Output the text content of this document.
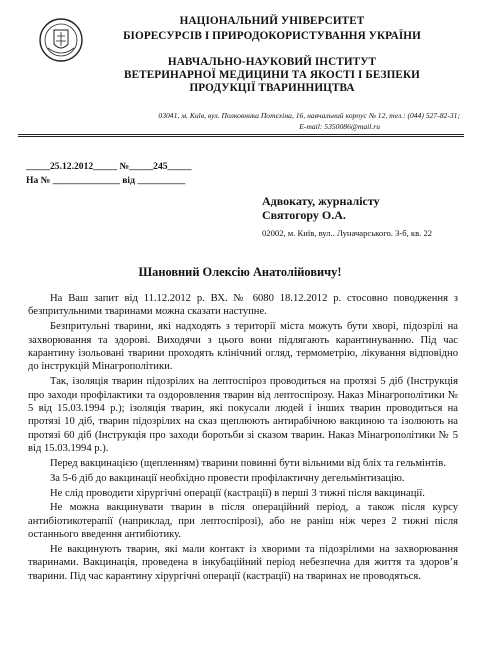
НАЦІОНАЛЬНИЙ УНІВЕРСИТЕТ
БІОРЕСУРСІВ І ПРИРОДОКОРИСТУВАННЯ УКРАЇНИ
НАВЧАЛЬНО-НАУКОВИЙ ІНСТИТУТ
ВЕТЕРИНАРНОЇ МЕДИЦИНИ ТА ЯКОСТІ І БЕЗПЕКИ
ПРОДУКЦІЇ ТВАРИННИЦТВА
03041, м. Київ, вул. Полковника Потєхіна, 16, навчальний корпус № 12, тел.: (044) 527-82-31;
E-mail: 5350086@mail.ru
_____25.12.2012_____ №_____245_____
На № ______________ від __________
Адвокату, журналісту
Святогору О.А.
02002, м. Київ, вул.. Луначарського. 3-б, кв. 22
Шановний Олексію Анатолійовичу!

На Ваш запит від 11.12.2012 р. ВХ. № 6080 18.12.2012 р. стосовно поводження з безпритульними тваринами можна сказати наступне.

Безпритульні тварини, які надходять з території міста можуть бути хворі, підозрілі на захворювання та здорові. Виходячи з цього вони підлягають карантинуванню. Під час карантину ізольовані тварини проходять клінічний огляд, термометрію, лікування відповідно до інструкцій Мінагрополітики.

Так, ізоляція тварин підозрілих на лептоспіроз проводиться на протязі 5 діб (Інструкція про заходи профілактики та оздоровлення тварин від лептоспірозу. Наказ Мінагрополітики № 5 від 15.03.1994 р.); ізоляція тварин, які покусали людей і інших тварин проводиться на протязі 10 діб, тварин підозрілих на сказ щеплюють антирабічною вакциною та ізолюють на протязі 60 діб (Інструкція про заходи боротьби зі сказом тварин. Наказ Мінагрополітики № 5 від 15.03.1994 р.).

Перед вакцинацією (щепленням) тварини повинні бути вільними від бліх та гельмінтів.

За 5-6 діб до вакцинації необхідно провести профілактичну дегельмінтизацію.

Не слід проводити хірургічні операції (кастрації) в перші 3 тижні після вакцинації.

Не можна вакцинувати тварин в після операційний період, а також після курсу антибіотикотерапії (наприклад, при лептоспірозі), або не раніш ніж через 2 тижні після останнього введення антибіотику.

Не вакцинують тварин, які мали контакт із хворими та підозрілими на захворювання тваринами. Вакцинація, проведена в інкубаційний період небезпечна для життя та здоров’я тварини. Під час карантину хірургічні операції (кастрації) на тваринах не проводяться.
